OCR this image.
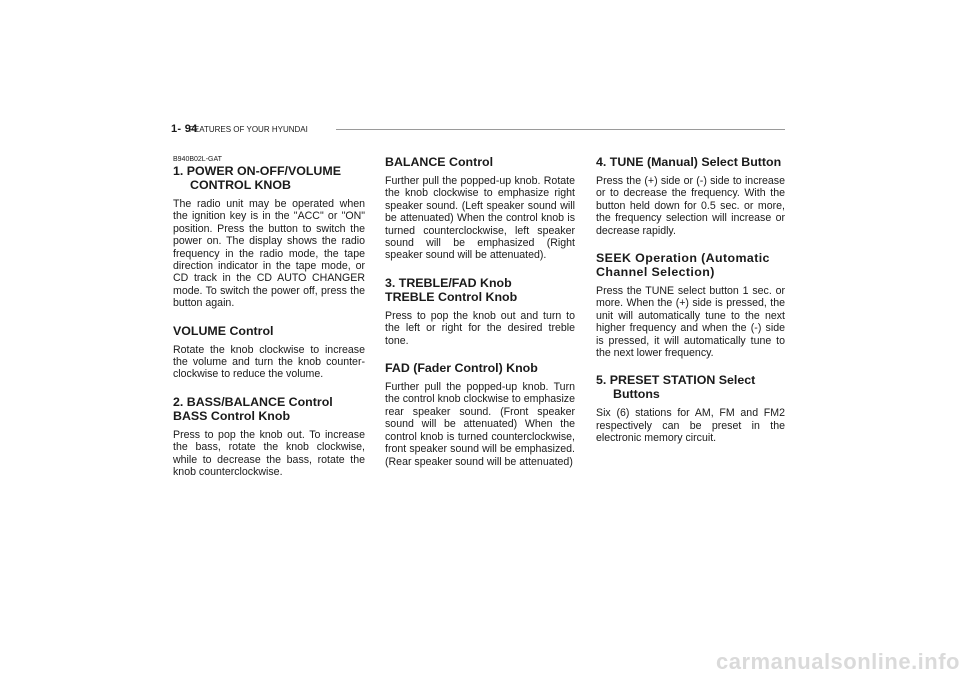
1- 94
FEATURES OF YOUR HYUNDAI
B940B02L-GAT
1. POWER ON-OFF/VOLUME
CONTROL KNOB

The radio unit may be operated when the ignition key is in the "ACC" or "ON" position. Press the button to switch the power on. The display shows the radio frequency in the radio mode, the tape direction indicator in the tape mode, or CD track in the CD AUTO CHANGER mode. To switch the power off, press the button again.

VOLUME Control

Rotate the knob clockwise to increase the volume and turn the knob counter-clockwise to reduce the volume.

2. BASS/BALANCE Control
BASS Control Knob

Press to pop the knob out. To increase the bass, rotate the knob clockwise, while to decrease the bass, rotate the knob counterclockwise.

BALANCE Control

Further pull the popped-up knob. Rotate the knob clockwise to emphasize right speaker sound. (Left speaker sound will be attenuated) When the control knob is turned counterclockwise, left speaker sound will be emphasized (Right speaker sound will be attenuated).

3. TREBLE/FAD Knob
TREBLE Control Knob

Press to pop the knob out and turn to the left or right for the desired treble tone.

FAD (Fader Control) Knob

Further pull the popped-up knob. Turn the control knob clockwise to emphasize rear speaker sound. (Front speaker sound will be attenuated) When the control knob is turned counterclockwise, front speaker sound will be emphasized. (Rear speaker sound will be attenuated)

4. TUNE (Manual) Select Button

Press the (+) side or (-) side to increase or to decrease the frequency. With the button held down for 0.5 sec. or more, the frequency selection will increase or decrease rapidly.

SEEK Operation (Automatic
Channel Selection)

Press the TUNE select button 1 sec. or more. When the (+) side is pressed, the unit will automatically tune to the next higher frequency and when the (-) side is pressed, it will automatically tune to the next lower frequency.

5. PRESET STATION Select
Buttons

Six (6) stations for AM, FM and FM2 respectively can be preset in the electronic memory circuit.

carmanualsonline.info
